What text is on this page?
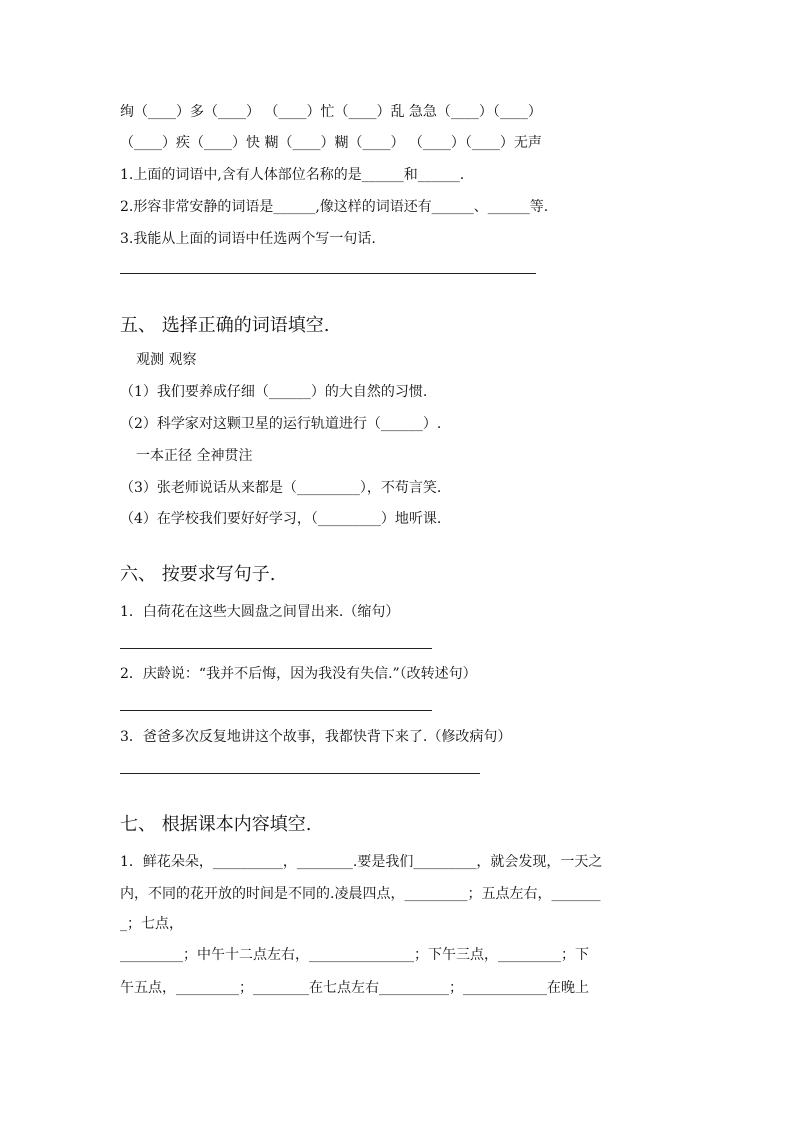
绚（____）多（____） （____）忙（____）乱 急急（____）（____）
（____）疾（____）快 糊（____）糊（____） （____）（____）无声
1.上面的词语中,含有人体部位名称的是______和______.
2.形容非常安静的词语是______,像这样的词语还有______、______等.
3.我能从上面的词语中任选两个写一句话.
五、 选择正确的词语填空.
观测 观察
（1）我们要养成仔细（______）的大自然的习惯.
（2）科学家对这颗卫星的运行轨道进行（______）.
一本正径 全神贯注
（3）张老师说话从来都是（_________），不苟言笑.
（4）在学校我们要好好学习，（_________）地听课.
六、 按要求写句子.
1．白荷花在这些大圆盘之间冒出来.（缩句）
2．庆龄说：“我并不后悔，因为我没有失信.”（改转述句）
3．爸爸多次反复地讲这个故事，我都快背下来了.（修改病句）
七、 根据课本内容填空.
1．鲜花朵朵，__________，________.要是我们_________，就会发现，一天之
内，不同的花开放的时间是不同的.凌晨四点，_________；五点左右，_______
_；七点，
_________；中午十二点左右，_______________；下午三点，_________；下
午五点，_________；________在七点左右__________；____________在晚上
